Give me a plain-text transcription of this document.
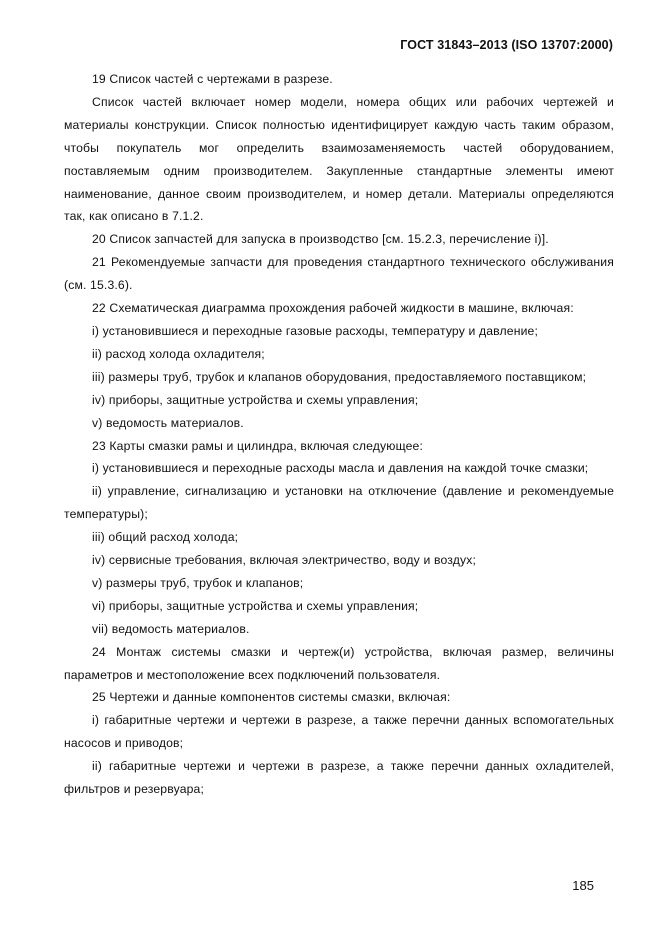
ГОСТ 31843–2013 (ISO 13707:2000)

19 Список частей с чертежами в разрезе.

Список частей включает номер модели, номера общих или рабочих чертежей и материалы конструкции. Список полностью идентифицирует каждую часть таким образом, чтобы покупатель мог определить взаимозаменяемость частей оборудованием, поставляемым одним производителем. Закупленные стандартные элементы имеют наименование, данное своим производителем, и номер детали. Материалы определяются так, как описано в 7.1.2.

20 Список запчастей для запуска в производство [см. 15.2.3, перечисление i)].

21 Рекомендуемые запчасти для проведения стандартного технического обслуживания (см. 15.3.6).

22 Схематическая диаграмма прохождения рабочей жидкости в машине, включая:

i) установившиеся и переходные газовые расходы, температуру и давление;

ii) расход холода охладителя;

iii) размеры труб, трубок и клапанов оборудования, предоставляемого поставщиком;

iv) приборы, защитные устройства и схемы управления;

v) ведомость материалов.

23 Карты смазки рамы и цилиндра, включая следующее:

i) установившиеся и переходные расходы масла и давления на каждой точке смазки;

ii) управление, сигнализацию и установки на отключение (давление и рекомендуемые температуры);

iii) общий расход холода;

iv) сервисные требования, включая электричество, воду и воздух;

v) размеры труб, трубок и клапанов;

vi) приборы, защитные устройства и схемы управления;

vii) ведомость материалов.

24 Монтаж системы смазки и чертеж(и) устройства, включая размер, величины параметров и местоположение всех подключений пользователя.

25 Чертежи и данные компонентов системы смазки, включая:

i) габаритные чертежи и чертежи в разрезе, а также перечни данных вспомогательных насосов и приводов;

ii) габаритные чертежи и чертежи в разрезе, а также перечни данных охладителей, фильтров и резервуара;

185
